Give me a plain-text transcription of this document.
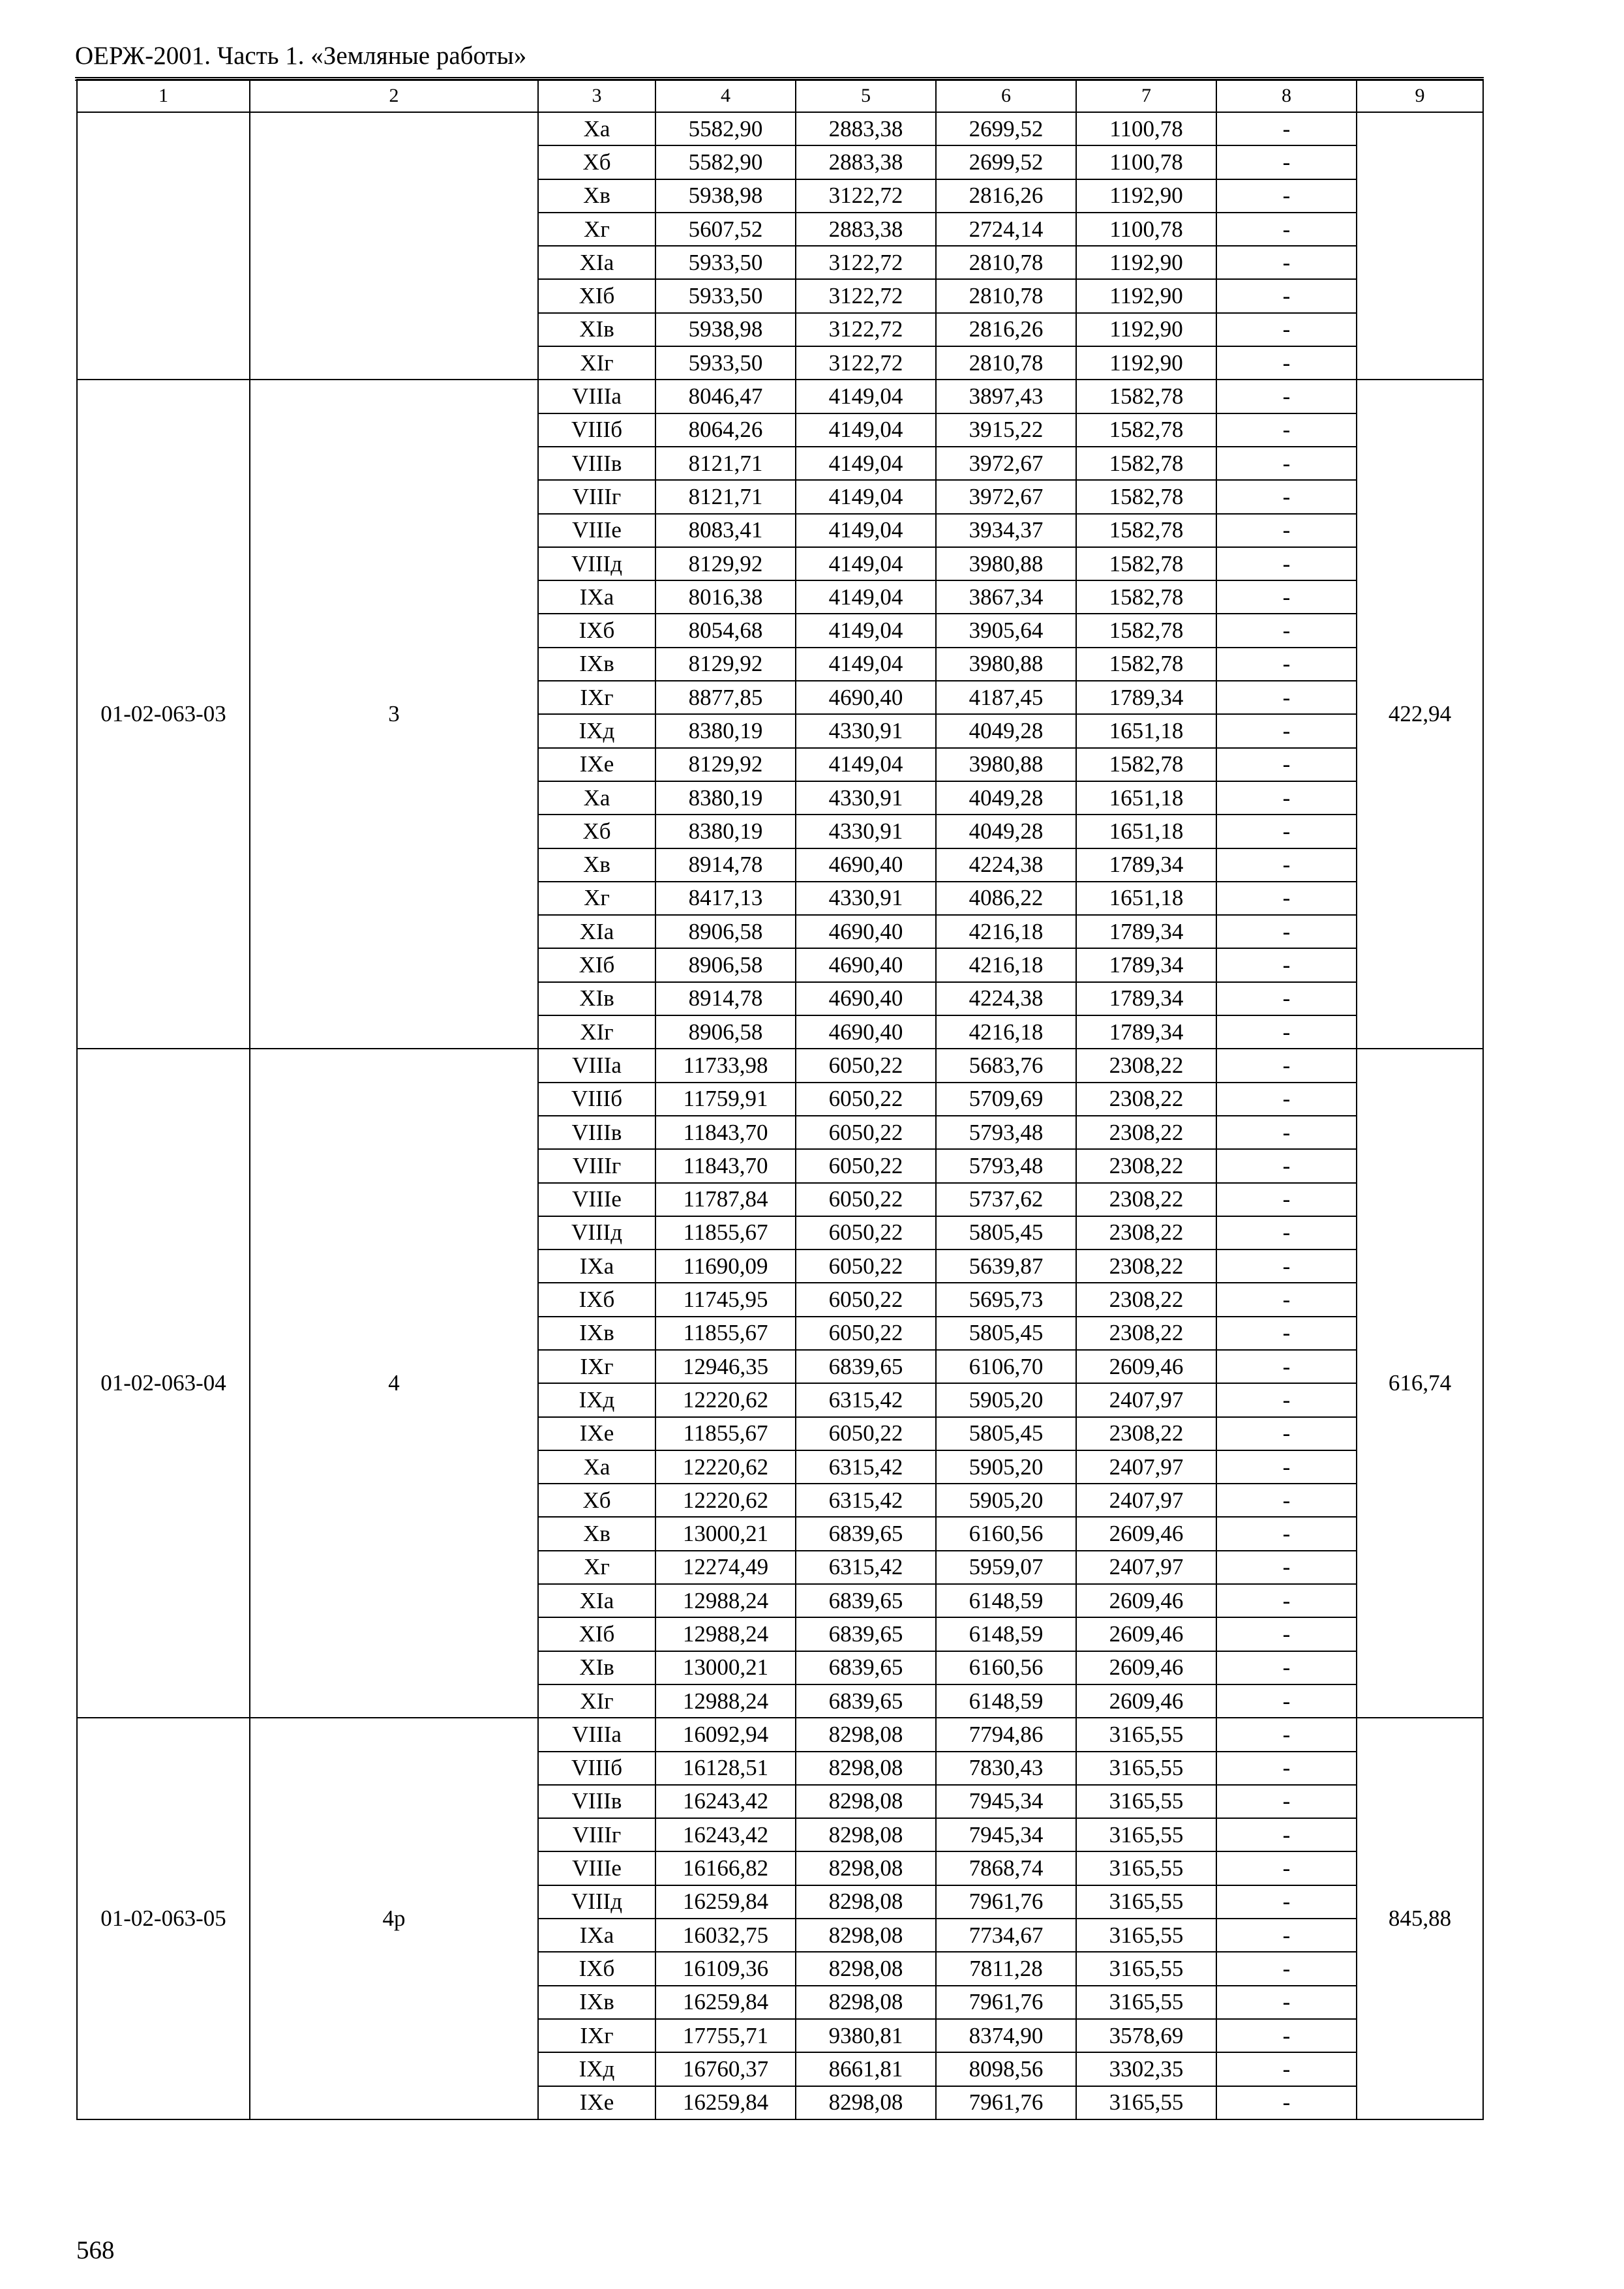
ОЕРЖ-2001. Часть 1. «Земляные работы»
1	2	3	4	5	6	7	8	9
		Xa	5582,90	2883,38	2699,52	1100,78	-	
		Xб	5582,90	2883,38	2699,52	1100,78	-	
		Xв	5938,98	3122,72	2816,26	1192,90	-	
		Xг	5607,52	2883,38	2724,14	1100,78	-	
		XIa	5933,50	3122,72	2810,78	1192,90	-	
		XIб	5933,50	3122,72	2810,78	1192,90	-	
		XIв	5938,98	3122,72	2816,26	1192,90	-	
		XIг	5933,50	3122,72	2810,78	1192,90	-	
01-02-063-03	3	VIIIa	8046,47	4149,04	3897,43	1582,78	-	422,94
		VIIIб	8064,26	4149,04	3915,22	1582,78	-	
		VIIIв	8121,71	4149,04	3972,67	1582,78	-	
		VIIIг	8121,71	4149,04	3972,67	1582,78	-	
		VIIIе	8083,41	4149,04	3934,37	1582,78	-	
		VIIIд	8129,92	4149,04	3980,88	1582,78	-	
		IXa	8016,38	4149,04	3867,34	1582,78	-	
		IXб	8054,68	4149,04	3905,64	1582,78	-	
		IXв	8129,92	4149,04	3980,88	1582,78	-	
		IXг	8877,85	4690,40	4187,45	1789,34	-	
		IXд	8380,19	4330,91	4049,28	1651,18	-	
		IXе	8129,92	4149,04	3980,88	1582,78	-	
		Xa	8380,19	4330,91	4049,28	1651,18	-	
		Xб	8380,19	4330,91	4049,28	1651,18	-	
		Xв	8914,78	4690,40	4224,38	1789,34	-	
		Xг	8417,13	4330,91	4086,22	1651,18	-	
		XIa	8906,58	4690,40	4216,18	1789,34	-	
		XIб	8906,58	4690,40	4216,18	1789,34	-	
		XIв	8914,78	4690,40	4224,38	1789,34	-	
		XIг	8906,58	4690,40	4216,18	1789,34	-	
01-02-063-04	4	VIIIa	11733,98	6050,22	5683,76	2308,22	-	616,74
		VIIIб	11759,91	6050,22	5709,69	2308,22	-	
		VIIIв	11843,70	6050,22	5793,48	2308,22	-	
		VIIIг	11843,70	6050,22	5793,48	2308,22	-	
		VIIIе	11787,84	6050,22	5737,62	2308,22	-	
		VIIIд	11855,67	6050,22	5805,45	2308,22	-	
		IXa	11690,09	6050,22	5639,87	2308,22	-	
		IXб	11745,95	6050,22	5695,73	2308,22	-	
		IXв	11855,67	6050,22	5805,45	2308,22	-	
		IXг	12946,35	6839,65	6106,70	2609,46	-	
		IXд	12220,62	6315,42	5905,20	2407,97	-	
		IXе	11855,67	6050,22	5805,45	2308,22	-	
		Xa	12220,62	6315,42	5905,20	2407,97	-	
		Xб	12220,62	6315,42	5905,20	2407,97	-	
		Xв	13000,21	6839,65	6160,56	2609,46	-	
		Xг	12274,49	6315,42	5959,07	2407,97	-	
		XIa	12988,24	6839,65	6148,59	2609,46	-	
		XIб	12988,24	6839,65	6148,59	2609,46	-	
		XIв	13000,21	6839,65	6160,56	2609,46	-	
		XIг	12988,24	6839,65	6148,59	2609,46	-	
01-02-063-05	4р	VIIIa	16092,94	8298,08	7794,86	3165,55	-	845,88
		VIIIб	16128,51	8298,08	7830,43	3165,55	-	
		VIIIв	16243,42	8298,08	7945,34	3165,55	-	
		VIIIг	16243,42	8298,08	7945,34	3165,55	-	
		VIIIе	16166,82	8298,08	7868,74	3165,55	-	
		VIIIд	16259,84	8298,08	7961,76	3165,55	-	
		IXa	16032,75	8298,08	7734,67	3165,55	-	
		IXб	16109,36	8298,08	7811,28	3165,55	-	
		IXв	16259,84	8298,08	7961,76	3165,55	-	
		IXг	17755,71	9380,81	8374,90	3578,69	-	
		IXд	16760,37	8661,81	8098,56	3302,35	-	
		IXе	16259,84	8298,08	7961,76	3165,55	-	
568
